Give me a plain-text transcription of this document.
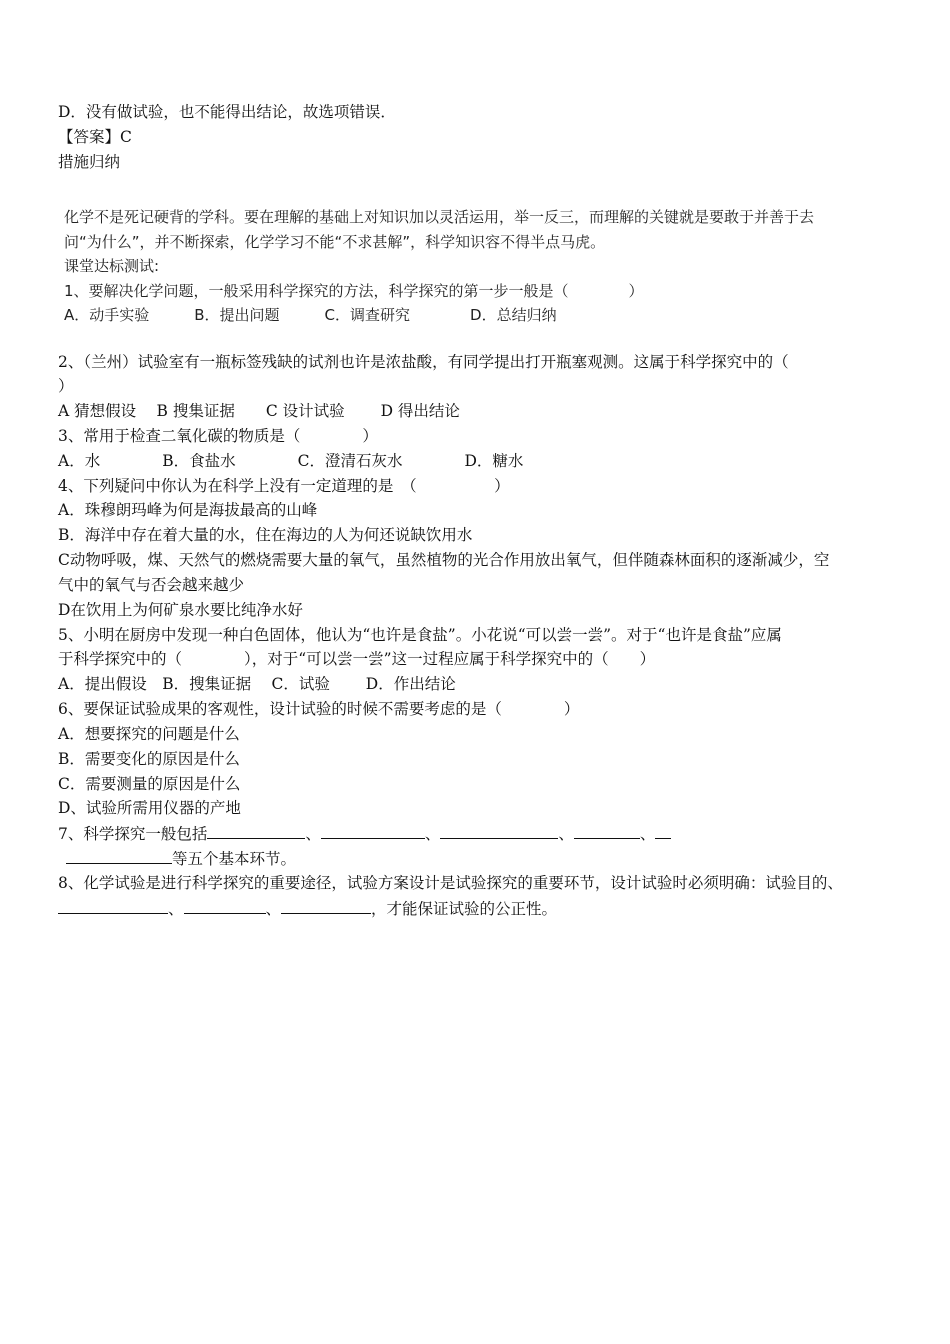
D．没有做试验，也不能得出结论，故选项错误．
【答案】C
措施归纳
化学不是死记硬背的学科。要在理解的基础上对知识加以灵活运用，举一反三，而理解的关键就是要敢于并善于去
问“为什么”，并不断探索，化学学习不能“不求甚解”，科学知识容不得半点马虎。
课堂达标测试:
1、要解决化学问题，一般采用科学探究的方法，科学探究的第一步一般是（　　　　）
A．动手实验　　　B．提出问题　　　C．调查研究　　　　D．总结归纳
2、（兰州）试验室有一瓶标签残缺的试剂也许是浓盐酸，有同学提出打开瓶塞观测。这属于科学探究中的（
）
A 猜想假设　 B 搜集证据　　C 设计试验　　 D 得出结论
3、常用于检查二氧化碳的物质是（　　　　）
A．水　　　　B．食盐水　　　　C．澄清石灰水　　　　D．糖水
4、下列疑问中你认为在科学上没有一定道理的是　（　　　　　）
A．珠穆朗玛峰为何是海拔最高的山峰
B．海洋中存在着大量的水，住在海边的人为何还说缺饮用水
C动物呼吸，煤、天然气的燃烧需要大量的氧气，虽然植物的光合作用放出氧气，但伴随森林面积的逐渐减少，空
气中的氧气与否会越来越少
D在饮用上为何矿泉水要比纯净水好
5、小明在厨房中发现一种白色固体，他认为“也许是食盐”。小花说“可以尝一尝”。对于“也许是食盐”应属
于科学探究中的（　　　　），对于“可以尝一尝”这一过程应属于科学探究中的（　　）
A．提出假设　B．搜集证据　 C．试验　　 D．作出结论
6、要保证试验成果的客观性，设计试验的时候不需要考虑的是（　　　　）
A．想要探究的问题是什么
B．需要变化的原因是什么
C．需要测量的原因是什么
D、试验所需用仪器的产地
7、科学探究一般包括	、	、	、	、
等五个基本环节。
8、化学试验是进行科学探究的重要途径，试验方案设计是试验探究的重要环节，设计试验时必须明确：试验目的、
、	、	，才能保证试验的公正性。
